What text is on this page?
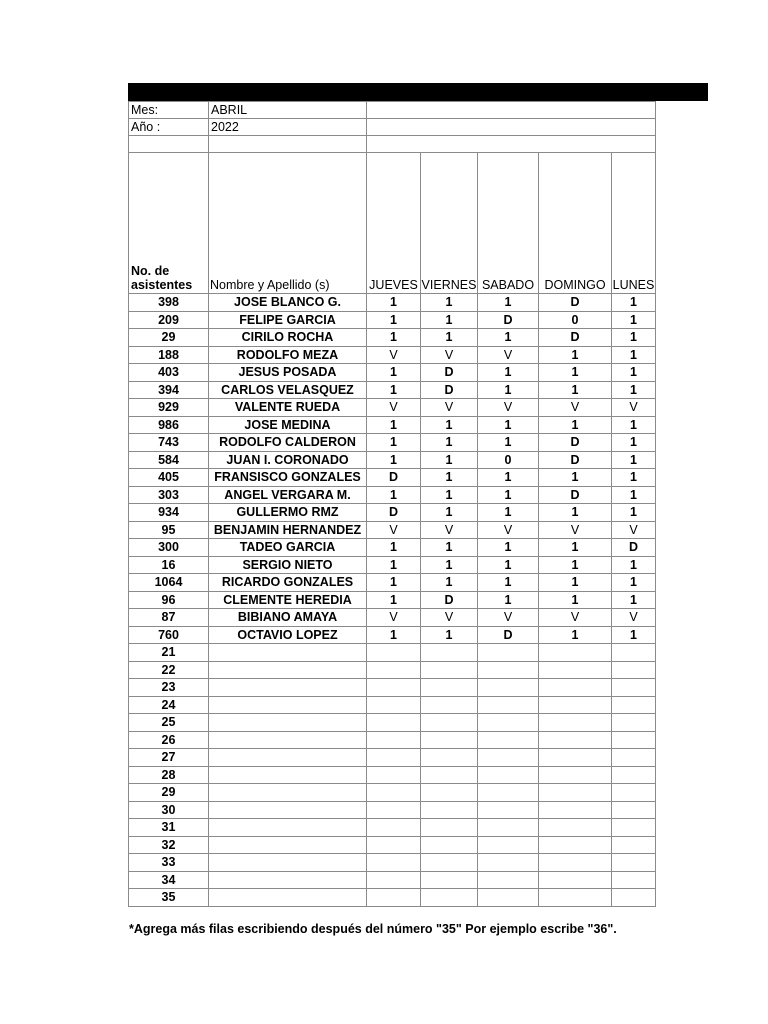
Mes:	ABRIL	
Año :	2022	

No. de asistentes	Nombre y Apellido (s)	JUEVES	VIERNES	SABADO	DOMINGO	LUNES
398	JOSE BLANCO G.	1	1	1	D	1
209	FELIPE GARCIA	1	1	D	0	1
29	CIRILO ROCHA	1	1	1	D	1
188	RODOLFO MEZA	V	V	V	1	1
403	JESUS POSADA	1	D	1	1	1
394	CARLOS VELASQUEZ	1	D	1	1	1
929	VALENTE RUEDA	V	V	V	V	V
986	JOSE MEDINA	1	1	1	1	1
743	RODOLFO CALDERON	1	1	1	D	1
584	JUAN I. CORONADO	1	1	0	D	1
405	FRANSISCO GONZALES	D	1	1	1	1
303	ANGEL VERGARA M.	1	1	1	D	1
934	GULLERMO RMZ	D	1	1	1	1
95	BENJAMIN HERNANDEZ	V	V	V	V	V
300	TADEO GARCIA	1	1	1	1	D
16	SERGIO NIETO	1	1	1	1	1
1064	RICARDO GONZALES	1	1	1	1	1
96	CLEMENTE HEREDIA	1	D	1	1	1
87	BIBIANO AMAYA	V	V	V	V	V
760	OCTAVIO LOPEZ	1	1	D	1	1
21						
22						
23						
24						
25						
26						
27						
28						
29						
30						
31						
32						
33						
34						
35						
*Agrega más filas escribiendo después del número "35" Por ejemplo escribe "36".
